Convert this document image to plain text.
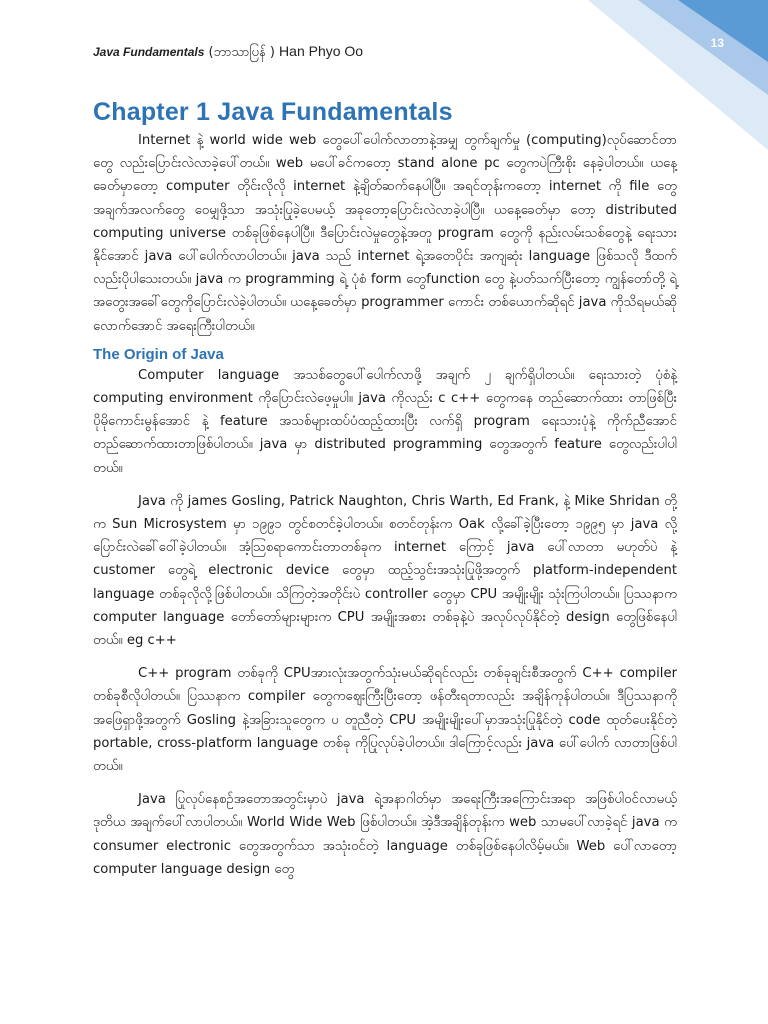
13
Java Fundamentals (ဘာသာပြန် ) Han Phyo Oo
Chapter 1 Java Fundamentals

Internet နဲ့ world wide web တွေပေါ်ပေါက်လာတာနဲ့အမျှ တွက်ချက်မှု (computing)လုပ်ဆောင်တာတွေ လည်းပြောင်းလဲလာခဲ့ပေါ်တယ်။ web မပေါ်ခင်ကတော့ stand alone pc တွေကပဲကြီးစိုး နေခဲ့ပါတယ်။ ယနေ့ခေတ်မှာတော့ computer တိုင်းလိုလို internet နဲ့ချိတ်ဆက်နေပါပြီ။ အရင်တုန်းကတော့ internet ကို file တွေ အချက်အလက်တွေ ဝေမျှဖို့သာ အသုံးပြုခဲ့ပေမယ့် အခုတော့ပြောင်းလဲလာခဲ့ပါပြီ။ ယနေ့ခေတ်မှာ တော့ distributed computing universe တစ်ခုဖြစ်နေပါပြီ။ ဒီပြောင်းလဲမှုတွေနဲ့အတူ program တွေကို နည်းလမ်းသစ်တွေနဲ့ ရေးသားနိုင်အောင် java ပေါ်ပေါက်လာပါတယ်။ java သည် internet ရဲ့အတေပိုင်း အကျဆုံး language ဖြစ်သလို ဒီထက်လည်းပိုပါသေးတယ်။ java က programming ရဲ့ ပုံစံ form တွေfunction တွေ နဲ့ပတ်သက်ပြီးတော့ ကျွန်တော်တို့ ရဲ့ အတွေးအခေါ်တွေကိုပြောင်းလဲခဲ့ပါတယ်။ ယနေ့ခေတ်မှာ programmer ကောင်း တစ်ယောက်ဆိုရင် java ကိုသိရမယ်ဆိုလောက်အောင် အရေးကြီးပါတယ်။

The Origin of Java

Computer language အသစ်တွေပေါ်ပေါက်လာဖို့ အချက် ၂ ချက်ရှိပါတယ်။ ရေးသားတဲ့ ပုံစံနဲ့ computing environment ကိုပြောင်းလဲဖေ့မှုပါ။ java ကိုလည်း c c++ တွေကနေ တည်ဆောက်ထား တာဖြစ်ပြီး ပိုမိုကောင်းမွန်အောင် နဲ့ feature အသစ်များထပ်ပံထည့်ထားပြီး လက်ရှိ program ရေးသားပုံနဲ့ ကိုက်ညီအောင် တည်ဆောက်ထားတာဖြစ်ပါတယ်။ java မှာ distributed programming တွေအတွက် feature တွေလည်းပါပါတယ်။

Java ကို james Gosling, Patrick Naughton, Chris Warth, Ed Frank, နဲ့ Mike Shridan တို့က Sun Microsystem မှာ ၁၉၉၁ တွင်စတင်ခဲ့ပါတယ်။ စတင်တုန်းက Oak လို့ခေါ်ခဲ့ပြီးတော့ ၁၉၉၅ မှာ java လို့ပြောင်းလဲခေါ်ဝေါ်ခဲ့ပါတယ်။ အံ့သြစရာကောင်းတာတစ်ခုက internet ကြောင့် java ပေါ်လာတာ မဟုတ်ပဲ နဲ့ customer တွေရဲ့ electronic device တွေမှာ ထည့်သွင်းအသုံးပြုဖို့အတွက် platform-independent language တစ်ခုလိုလို့ဖြစ်ပါတယ်။ သိကြတဲ့အတိုင်းပဲ controller တွေမှာ CPU အမျိုးမျိုး သုံးကြပါတယ်။ ပြဿနာက computer language တော်တော်များများက CPU အမျိုးအစား တစ်ခုနဲ့ပဲ အလုပ်လုပ်နိုင်တဲ့ design တွေဖြစ်နေပါတယ်။ eg c++

C++ program တစ်ခုကို CPUအားလုံးအတွက်သုံးမယ်ဆိုရင်လည်း တစ်ခုချင်းစီအတွက် C++ compiler တစ်ခုစီလိုပါတယ်။ ပြဿနာက compiler တွေကဈေးကြီးပြီးတော့ ဖန်တီးရတာလည်း အချိန်ကုန်ပါတယ်။ ဒီပြဿနာကို အဖြေရှာဖို့အတွက် Gosling နဲ့အခြားသူတွေက ပ တူညီတဲ့ CPU အမျိုးမျိုးပေါ်မှာအသုံးပြုနိုင်တဲ့ code ထုတ်ပေးနိုင်တဲ့ portable, cross-platform language တစ်ခု ကိုပြုလုပ်ခဲ့ပါတယ်။ ဒါကြောင့်လည်း java ပေါ်ပေါက် လာတာဖြစ်ပါတယ်။

Java ပြုလုပ်နေစဉ်အတောအတွင်းမှာပဲ java ရဲ့အနာဂါတ်မှာ အရေးကြီးအကြောင်းအရာ အဖြစ်ပါဝင်လာမယ့် ဒုတိယ အချက်ပေါ်လာပါတယ်။ World Wide Web ဖြစ်ပါတယ်။ အဲ့ဒီအချိန်တုန်းက web သာမပေါ်လာခဲ့ရင် java က consumer electronic တွေအတွက်သာ အသုံးဝင်တဲ့ language တစ်ခုဖြစ်နေပါလိမ့်မယ်။ Web ပေါ်လာတော့ computer language design တွေ
